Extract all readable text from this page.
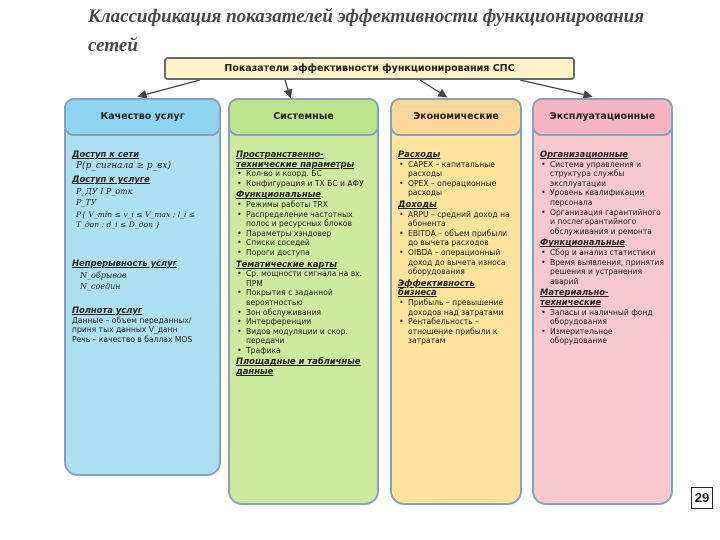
Классификация показателей эффективности функционирования сетей
Показатели эффективности функционирования СПС
Качество услуг
Доступ к сети
P(p_сигнала ≥ p_вх)
Доступ к услуге
P_ДУ I P_отк
P_ТУ
P{ V_min ≤ v_i ≤ V_max ; l_i ≤ T_доп ; d_i ≤ D_доп }
Непрерывность услуг
N_обрывов
N_соедин
Полнота услуг
Данные – объем переданных/приня тых данных V_данн
Речь – качество в баллах MOS
Системные
Пространственно-технические параметры
• Кол-во и коорд. БС
• Конфигурация и ТХ БС и АФУ
Функциональные
• Режимы работы TRX
• Распределение частотных полос и ресурсных блоков
• Параметры хэндовер
• Списки соседей
• Пороги доступа
Тематические карты
• Ср. мощности сигнала на вх. ПРМ
• Покрытия с заданной вероятностью
• Зон обслуживания
• Интерференции
• Видов модуляции и скор. передачи
• Трафика
Площадные и табличные данные
Экономические
Расходы
• CAPEX – капитальные расходы
• OPEX – операционные расходы
Доходы
• ARPU – средний доход на абонента
• EBITDA – объем прибыли до вычета расходов
• OIBDA – операционный доход до вычета износа оборудования
Эффективность бизнеса
• Прибыль – превышение доходов над затратами
• Рентабельность – отношение прибыли к затратам
Эксплуатационные
Организационные
• Система управления и структура службы эксплуатации
• Уровень квалификации персонала
• Организация гарантийного и послегарантийного обслуживания и ремонта
Функциональные
• Сбор и анализ статистики
• Время выявления, принятия решения и устранения аварий
Материально-технические
• Запасы и наличный фонд оборудования
• Измерительное оборудование
29
